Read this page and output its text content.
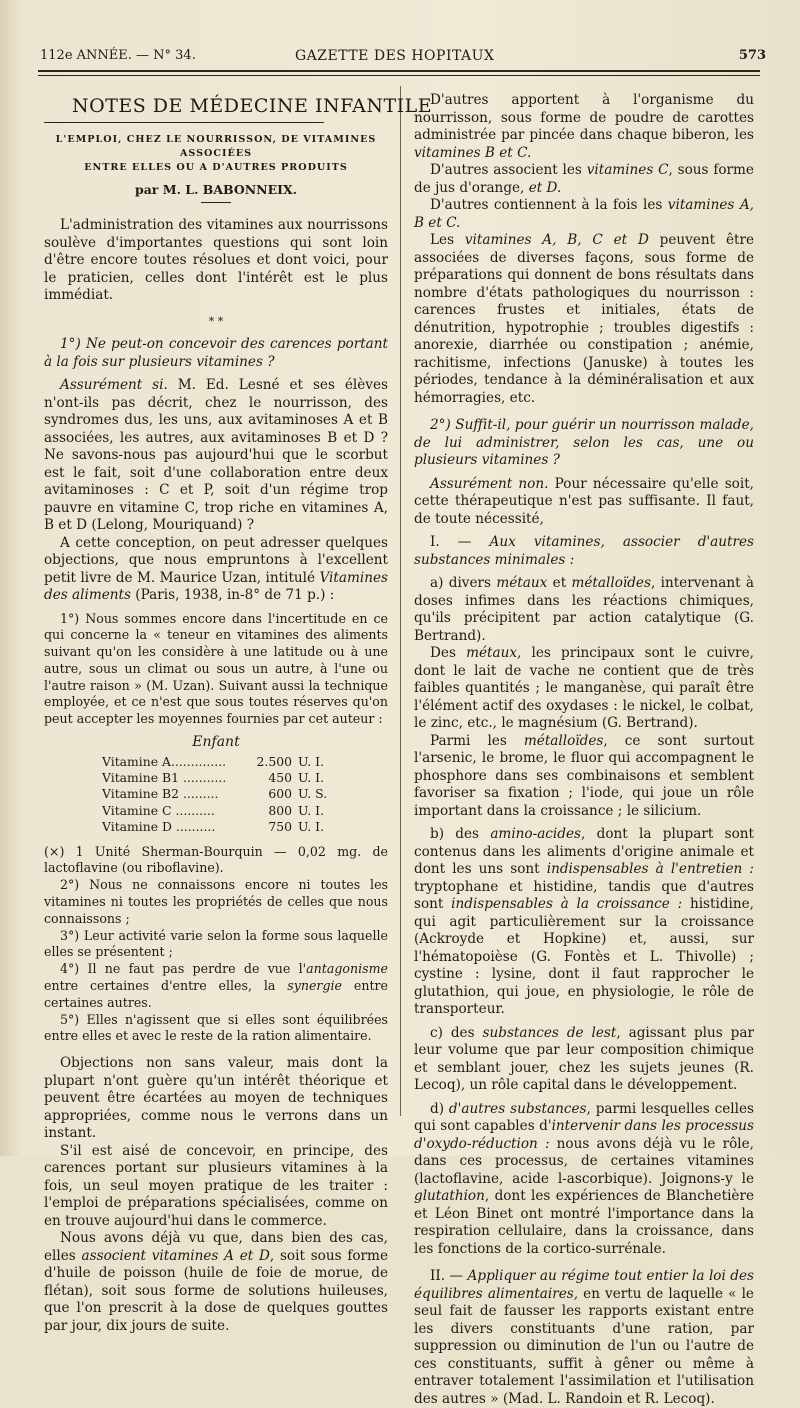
112e ANNÉE. — N° 34.	GAZETTE DES HOPITAUX	573
NOTES DE MÉDECINE INFANTILE
L'EMPLOI, CHEZ LE NOURRISSON, DE VITAMINES ASSOCIÉES
ENTRE ELLES OU A D'AUTRES PRODUITS
par M. L. BABONNEIX.

L'administration des vitamines aux nourrissons soulève d'importantes questions qui sont loin d'être encore toutes résolues et dont voici, pour le praticien, celles dont l'intérêt est le plus immédiat.

* *

1°) Ne peut-on concevoir des carences portant à la fois sur plusieurs vitamines ?

Assurément si. M. Ed. Lesné et ses élèves n'ont-ils pas décrit, chez le nourrisson, des syndromes dus, les uns, aux avitaminoses A et B associées, les autres, aux avitaminoses B et D ? Ne savons-nous pas aujourd'hui que le scorbut est le fait, soit d'une collaboration entre deux avitaminoses : C et P, soit d'un régime trop pauvre en vitamine C, trop riche en vitamines A, B et D (Lelong, Mouriquand) ?

A cette conception, on peut adresser quelques objections, que nous empruntons à l'excellent petit livre de M. Maurice Uzan, intitulé Vitamines des aliments (Paris, 1938, in-8° de 71 p.) :

1°) Nous sommes encore dans l'incertitude en ce qui concerne la « teneur en vitamines des aliments suivant qu'on les considère à une latitude ou à une autre, sous un climat ou sous un autre, à l'une ou l'autre raison » (M. Uzan). Suivant aussi la technique employée, et ce n'est que sous toutes réserves qu'on peut accepter les moyennes fournies par cet auteur :

Enfant
Vitamine A..............	2.500 U. I.
Vitamine B1 ...........	450 U. I.
Vitamine B2 .........	600 U. S.
Vitamine C ..........	800 U. I.
Vitamine D ..........	750 U. I.

(×) 1 Unité Sherman-Bourquin — 0,02 mg. de lactoflavine (ou riboflavine).

2°) Nous ne connaissons encore ni toutes les vitamines ni toutes les propriétés de celles que nous connaissons ;

3°) Leur activité varie selon la forme sous laquelle elles se présentent ;

4°) Il ne faut pas perdre de vue l'antagonisme entre certaines d'entre elles, la synergie entre certaines autres.

5°) Elles n'agissent que si elles sont équilibrées entre elles et avec le reste de la ration alimentaire.

Objections non sans valeur, mais dont la plupart n'ont guère qu'un intérêt théorique et peuvent être écartées au moyen de techniques appropriées, comme nous le verrons dans un instant.

S'il est aisé de concevoir, en principe, des carences portant sur plusieurs vitamines à la fois, un seul moyen pratique de les traiter : l'emploi de préparations spécialisées, comme on en trouve aujourd'hui dans le commerce.

Nous avons déjà vu que, dans bien des cas, elles associent vitamines A et D, soit sous forme d'huile de poisson (huile de foie de morue, de flétan), soit sous forme de solutions huileuses, que l'on prescrit à la dose de quelques gouttes par jour, dix jours de suite.

D'autres apportent à l'organisme du nourrisson, sous forme de poudre de carottes administrée par pincée dans chaque biberon, les vitamines B et C.

D'autres associent les vitamines C, sous forme de jus d'orange, et D.

D'autres contiennent à la fois les vitamines A, B et C.

Les vitamines A, B, C et D peuvent être associées de diverses façons, sous forme de préparations qui donnent de bons résultats dans nombre d'états pathologiques du nourrisson : carences frustes et initiales, états de dénutrition, hypotrophie ; troubles digestifs : anorexie, diarrhée ou constipation ; anémie, rachitisme, infections (Januske) à toutes les périodes, tendance à la déminéralisation et aux hémorragies, etc.

2°) Suffit-il, pour guérir un nourrisson malade, de lui administrer, selon les cas, une ou plusieurs vitamines ?

Assurément non. Pour nécessaire qu'elle soit, cette thérapeutique n'est pas suffisante. Il faut, de toute nécessité,

I. — Aux vitamines, associer d'autres substances minimales :

a) divers métaux et métalloïdes, intervenant à doses infimes dans les réactions chimiques, qu'ils précipitent par action catalytique (G. Bertrand).

Des métaux, les principaux sont le cuivre, dont le lait de vache ne contient que de très faibles quantités ; le manganèse, qui paraît être l'élément actif des oxydases : le nickel, le colbat, le zinc, etc., le magnésium (G. Bertrand).

Parmi les métalloïdes, ce sont surtout l'arsenic, le brome, le fluor qui accompagnent le phosphore dans ses combinaisons et semblent favoriser sa fixation ; l'iode, qui joue un rôle important dans la croissance ; le silicium.

b) des amino-acides, dont la plupart sont contenus dans les aliments d'origine animale et dont les uns sont indispensables à l'entretien : tryptophane et histidine, tandis que d'autres sont indispensables à la croissance : histidine, qui agit particulièrement sur la croissance (Ackroyde et Hopkine) et, aussi, sur l'hématopoièse (G. Fontès et L. Thivolle) ; cystine : lysine, dont il faut rapprocher le glutathion, qui joue, en physiologie, le rôle de transporteur.

c) des substances de lest, agissant plus par leur volume que par leur composition chimique et semblant jouer, chez les sujets jeunes (R. Lecoq), un rôle capital dans le développement.

d) d'autres substances, parmi lesquelles celles qui sont capables d'intervenir dans les processus d'oxydo-réduction : nous avons déjà vu le rôle, dans ces processus, de certaines vitamines (lactoflavine, acide l-ascorbique). Joignons-y le glutathion, dont les expériences de Blanchetière et Léon Binet ont montré l'importance dans la respiration cellulaire, dans la croissance, dans les fonctions de la cortico-surrénale.

II. — Appliquer au régime tout entier la loi des équilibres alimentaires, en vertu de laquelle « le seul fait de fausser les rapports existant entre les divers constituants d'une ration, par suppression ou diminution de l'un ou l'autre de ces constituants, suffit à gêner ou même à entraver totalement l'assimilation et l'utilisation des autres » (Mad. L. Randoin et R. Lecoq).
